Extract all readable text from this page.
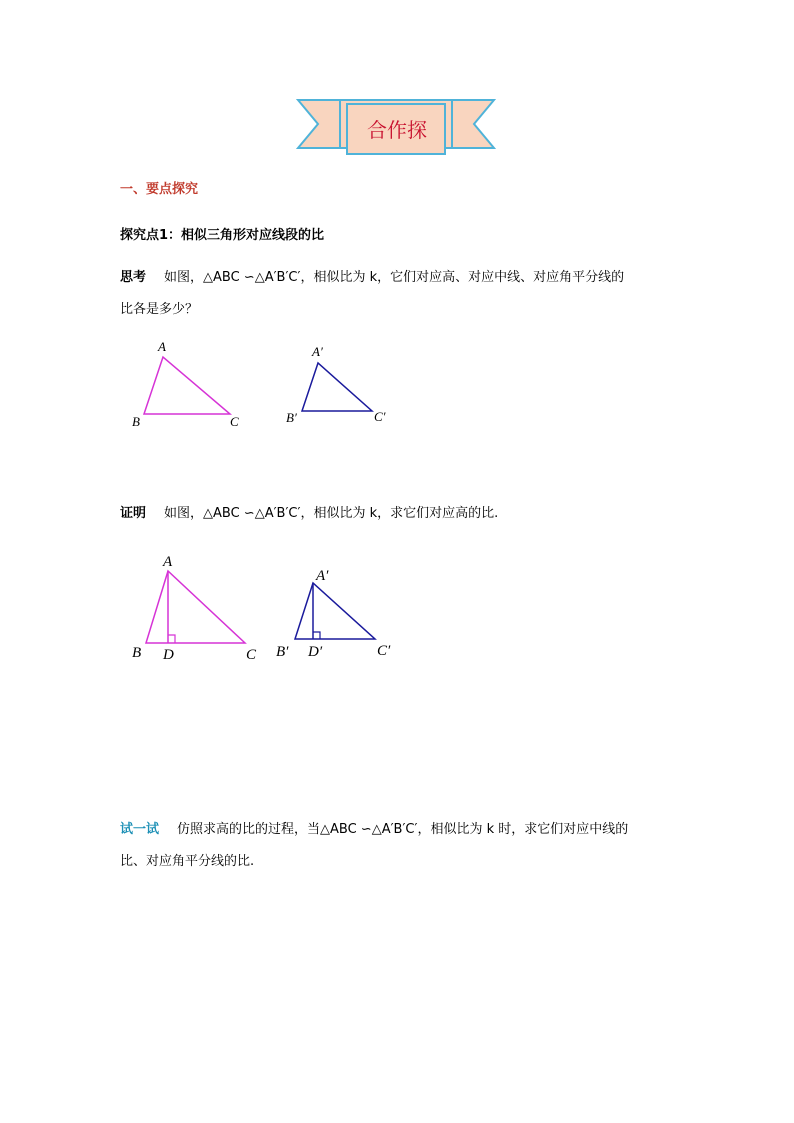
合作探
一、要点探究
探究点1：相似三角形对应线段的比
思考 如图，△ABC ∽△A′B′C′，相似比为 k，它们对应高、对应中线、对应角平分线的
比各是多少？
A
B	C
A′
B′	C′
证明 如图，△ABC ∽△A′B′C′，相似比为 k，求它们对应高的比.
A
B D	C
A′
B′ D′	C′
试一试 仿照求高的比的过程，当△ABC ∽△A′B′C′，相似比为 k 时，求它们对应中线的
比、对应角平分线的比.
